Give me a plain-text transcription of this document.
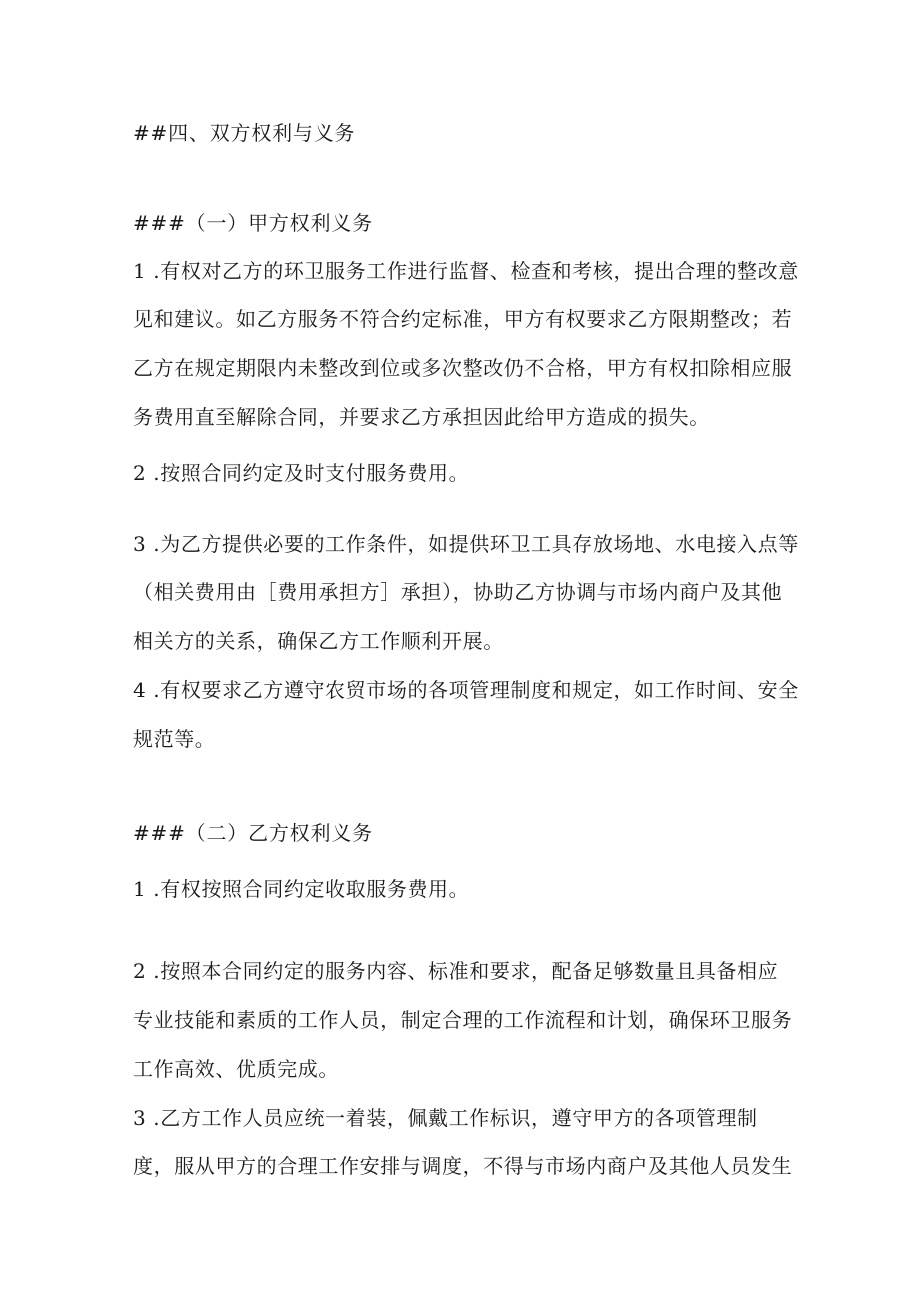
##四、双方权利与义务
###（一）甲方权利义务
1 .有权对乙方的环卫服务工作进行监督、检查和考核，提出合理的整改意
见和建议。如乙方服务不符合约定标准，甲方有权要求乙方限期整改；若
乙方在规定期限内未整改到位或多次整改仍不合格，甲方有权扣除相应服
务费用直至解除合同，并要求乙方承担因此给甲方造成的损失。
2 .按照合同约定及时支付服务费用。
3 .为乙方提供必要的工作条件，如提供环卫工具存放场地、水电接入点等
（相关费用由［费用承担方］承担），协助乙方协调与市场内商户及其他
相关方的关系，确保乙方工作顺利开展。
4 .有权要求乙方遵守农贸市场的各项管理制度和规定，如工作时间、安全
规范等。
###（二）乙方权利义务
1 .有权按照合同约定收取服务费用。
2 .按照本合同约定的服务内容、标准和要求，配备足够数量且具备相应
专业技能和素质的工作人员，制定合理的工作流程和计划，确保环卫服务
工作高效、优质完成。
3 .乙方工作人员应统一着装，佩戴工作标识，遵守甲方的各项管理制
度，服从甲方的合理工作安排与调度，不得与市场内商户及其他人员发生
